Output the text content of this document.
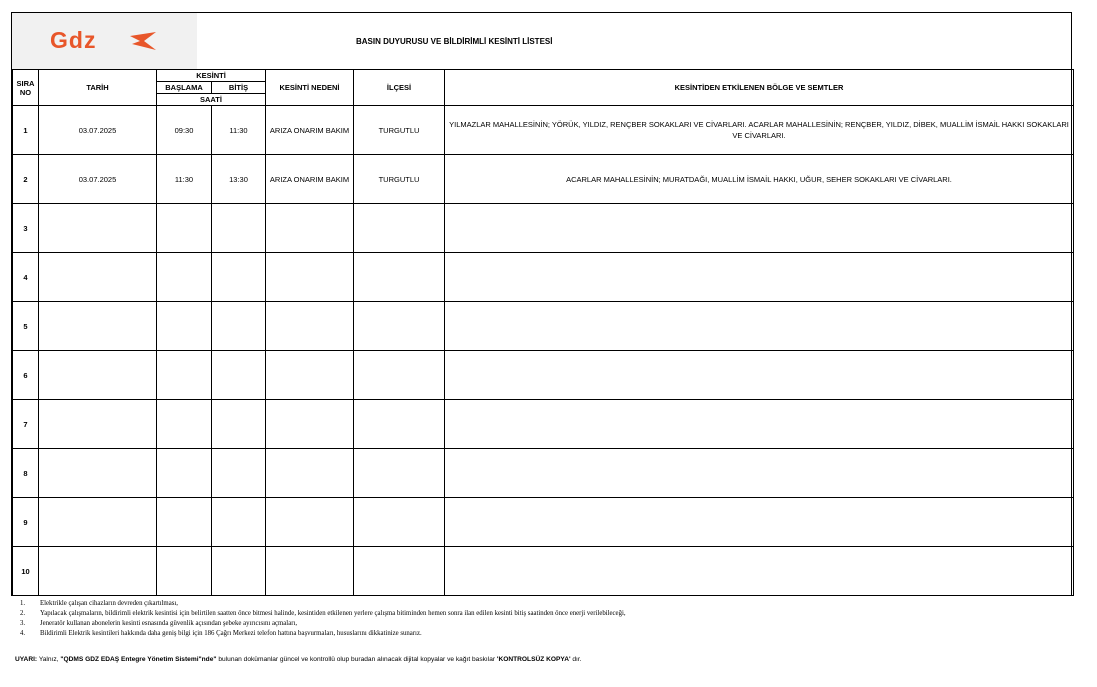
Gdz	BASIN DUYURUSU VE BİLDİRİMLİ KESİNTİ LİSTESİ
SIRA
NO	TARİH	KESİNTİ		KESİNTİ NEDENİ	İLÇESİ	KESİNTİDEN ETKİLENEN BÖLGE VE SEMTLER
		BAŞLAMA	BİTİŞ			
		SAATİ				
1	03.07.2025	09:30	11:30	ARIZA ONARIM BAKIM	TURGUTLU	YILMAZLAR MAHALLESİNİN; YÖRÜK, YILDIZ, RENÇBER SOKAKLARI VE CİVARLARI. ACARLAR MAHALLESİNİN; RENÇBER, YILDIZ, DİBEK, MUALLİM İSMAİL HAKKI SOKAKLARI VE CİVARLARI.
2	03.07.2025	11:30	13:30	ARIZA ONARIM BAKIM	TURGUTLU	ACARLAR MAHALLESİNİN; MURATDAĞI, MUALLİM İSMAİL HAKKI, UĞUR, SEHER SOKAKLARI VE CİVARLARI.
3						
4						
5						
6						
7						
8						
9						
10						
1. Elektrikle çalışan cihazların devreden çıkartılması,
2. Yapılacak çalışmaların, bildirimli elektrik kesintisi için belirtilen saatten önce bitmesi halinde, kesintiden etkilenen yerlere çalışma bitiminden hemen sonra ilan edilen kesinti bitiş saatinden önce enerji verilebileceği,
3. Jeneratör kullanan abonelerin kesinti esnasında güvenlik açısından şebeke ayırıcısını açmaları,
4. Bildirimli Elektrik kesintileri hakkında daha geniş bilgi için 186 Çağrı Merkezi telefon hattına başvurmaları, hususlarını dikkatinize sunarız.
UYARI: Yalnız, "QDMS GDZ EDAŞ Entegre Yönetim Sistemi"nde" bulunan dokümanlar güncel ve kontrollü olup buradan alınacak dijital kopyalar ve kağıt baskılar 'KONTROLSÜZ KOPYA' dır.
